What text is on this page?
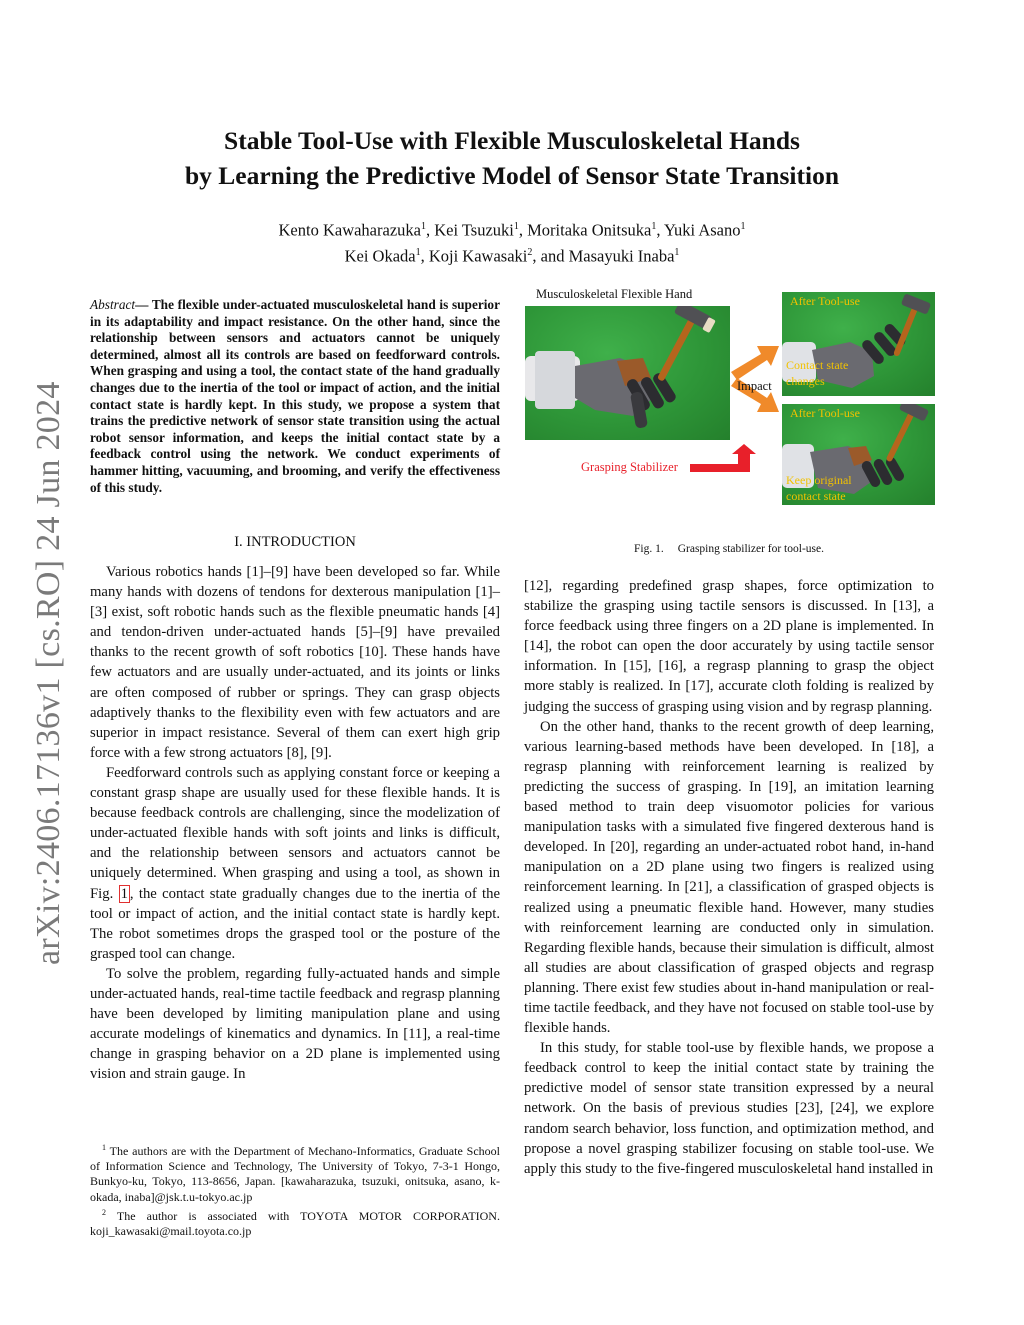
arXiv:2406.17136v1 [cs.RO] 24 Jun 2024
Stable Tool-Use with Flexible Musculoskeletal Hands
by Learning the Predictive Model of Sensor State Transition
Kento Kawaharazuka$^1$, Kei Tsuzuki$^1$, Moritaka Onitsuka$^1$, Yuki Asano$^1$
Kei Okada$^1$, Koji Kawasaki$^2$, and Masayuki Inaba$^1$
Abstract— The flexible under-actuated musculoskeletal hand is superior in its adaptability and impact resistance. On the other hand, since the relationship between sensors and actuators cannot be uniquely determined, almost all its controls are based on feedforward controls. When grasping and using a tool, the contact state of the hand gradually changes due to the inertia of the tool or impact of action, and the initial contact state is hardly kept. In this study, we propose a system that trains the predictive network of sensor state transition using the actual robot sensor information, and keeps the initial contact state by a feedback control using the network. We conduct experiments of hammer hitting, vacuuming, and brooming, and verify the effectiveness of this study.
I. INTRODUCTION

Various robotics hands [1]–[9] have been developed so far. While many hands with dozens of tendons for dexterous manipulation [1]–[3] exist, soft robotic hands such as the flexible pneumatic hands [4] and tendon-driven under-actuated hands [5]–[9] have prevailed thanks to the recent growth of soft robotics [10]. These hands have few actuators and are usually under-actuated, and its joints or links are often composed of rubber or springs. They can grasp objects adaptively thanks to the flexibility even with few actuators and are superior in impact resistance. Several of them can exert high grip force with a few strong actuators [8], [9].

Feedforward controls such as applying constant force or keeping a constant grasp shape are usually used for these flexible hands. It is because feedback controls are challenging, since the modelization of under-actuated flexible hands with soft joints and links is difficult, and the relationship between sensors and actuators cannot be uniquely determined. When grasping and using a tool, as shown in Fig. 1 , the contact state gradually changes due to the inertia of the tool or impact of action, and the initial contact state is hardly kept. The robot sometimes drops the grasped tool or the posture of the grasped tool can change.

To solve the problem, regarding fully-actuated hands and simple under-actuated hands, real-time tactile feedback and regrasp planning have been developed by limiting manipulation plane and using accurate modelings of kinematics and dynamics. In [11], a real-time change in grasping behavior on a 2D plane is implemented using vision and strain gauge. In

$^1$ The authors are with the Department of Mechano-Informatics, Graduate School of Information Science and Technology, The University of Tokyo, 7-3-1 Hongo, Bunkyo-ku, Tokyo, 113-8656, Japan. [kawaharazuka, tsuzuki, onitsuka, asano, k-okada, inaba]@jsk.t.u-tokyo.ac.jp

$^2$ The author is associated with TOYOTA MOTOR CORPORATION. koji_kawasaki@mail.toyota.co.jp

Musculoskeletal Flexible Hand	After Tool-use
Contact state
changes
After Tool-use
Keep original
contact state
Impact
Grasping Stabilizer
Fig. 1. Grasping stabilizer for tool-use.

[12], regarding predefined grasp shapes, force optimization to stabilize the grasping using tactile sensors is discussed. In [13], a force feedback using three fingers on a 2D plane is implemented. In [14], the robot can open the door accurately by using tactile sensor information. In [15], [16], a regrasp planning to grasp the object more stably is realized. In [17], accurate cloth folding is realized by judging the success of grasping using vision and by regrasp planning.

On the other hand, thanks to the recent growth of deep learning, various learning-based methods have been developed. In [18], a regrasp planning with reinforcement learning is realized by predicting the success of grasping. In [19], an imitation learning based method to train deep visuomotor policies for various manipulation tasks with a simulated five fingered dexterous hand is developed. In [20], regarding an under-actuated robot hand, in-hand manipulation on a 2D plane using two fingers is realized using reinforcement learning. In [21], a classification of grasped objects is realized using a pneumatic flexible hand. However, many studies with reinforcement learning are conducted only in simulation. Regarding flexible hands, because their simulation is difficult, almost all studies are about classification of grasped objects and regrasp planning. There exist few studies about in-hand manipulation or real-time tactile feedback, and they have not focused on stable tool-use by flexible hands.

In this study, for stable tool-use by flexible hands, we propose a feedback control to keep the initial contact state by training the predictive model of sensor state transition expressed by a neural network. On the basis of previous studies [23], [24], we explore random search behavior, loss function, and optimization method, and propose a novel grasping stabilizer focusing on stable tool-use. We apply this study to the five-fingered musculoskeletal hand installed in
